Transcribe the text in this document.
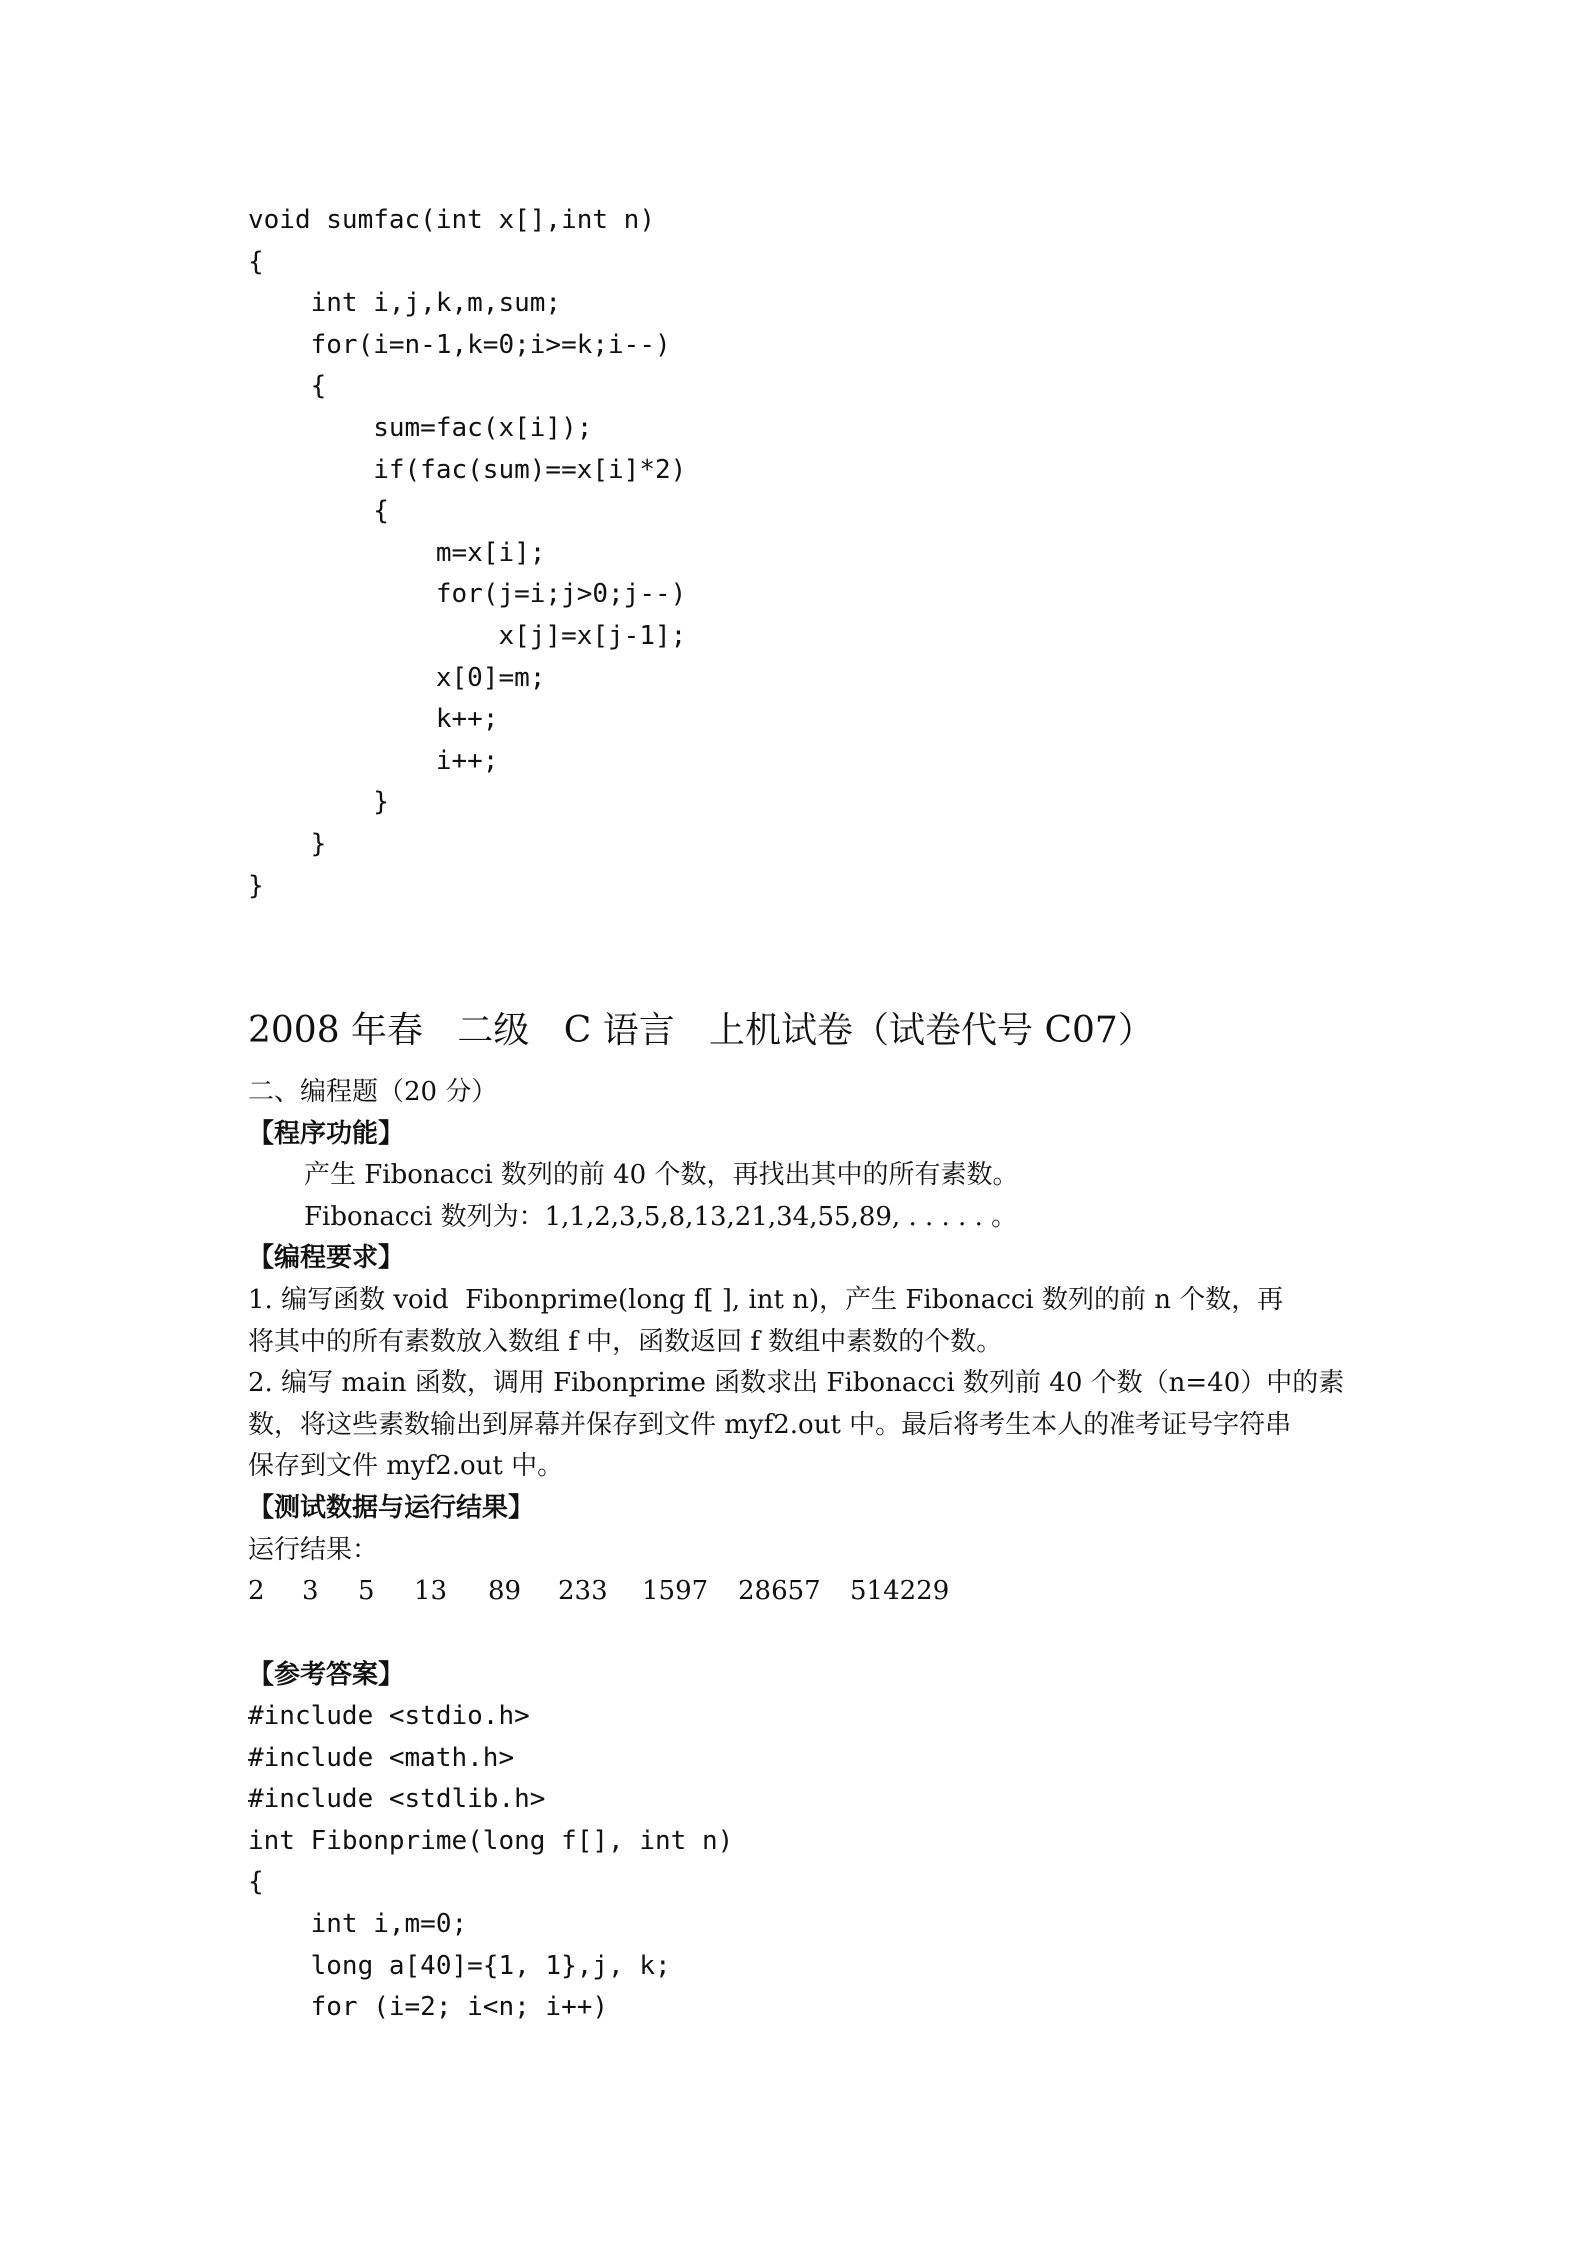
void sumfac(int x[],int n)
{
int i,j,k,m,sum;
for(i=n-1,k=0;i>=k;i--)
{
sum=fac(x[i]);
if(fac(sum)==x[i]*2)
{
m=x[i];
for(j=i;j>0;j--)
x[j]=x[j-1];
x[0]=m;
k++;
i++;
}
}
}
2008 年春   二级   C 语言   上机试卷（试卷代号 C07）

二、编程题（20 分）

【程序功能】

产生 Fibonacci 数列的前 40 个数，再找出其中的所有素数。

Fibonacci 数列为：1,1,2,3,5,8,13,21,34,55,89, . . . . . 。

【编程要求】

1. 编写函数 void  Fibonprime(long f[ ], int n)，产生 Fibonacci 数列的前 n 个数，再

将其中的所有素数放入数组 f 中，函数返回 f 数组中素数的个数。

2. 编写 main 函数，调用 Fibonprime 函数求出 Fibonacci 数列前 40 个数（n=40）中的素

数，将这些素数输出到屏幕并保存到文件 myf2.out 中。最后将考生本人的准考证号字符串

保存到文件 myf2.out 中。

【测试数据与运行结果】

运行结果：

2 3 5 13 89 233 1597 28657 514229

【参考答案】

#include <stdio.h>
#include <math.h>
#include <stdlib.h>
int Fibonprime(long f[], int n)
{
int i,m=0;
long a[40]={1, 1},j, k;
for (i=2; i<n; i++)
